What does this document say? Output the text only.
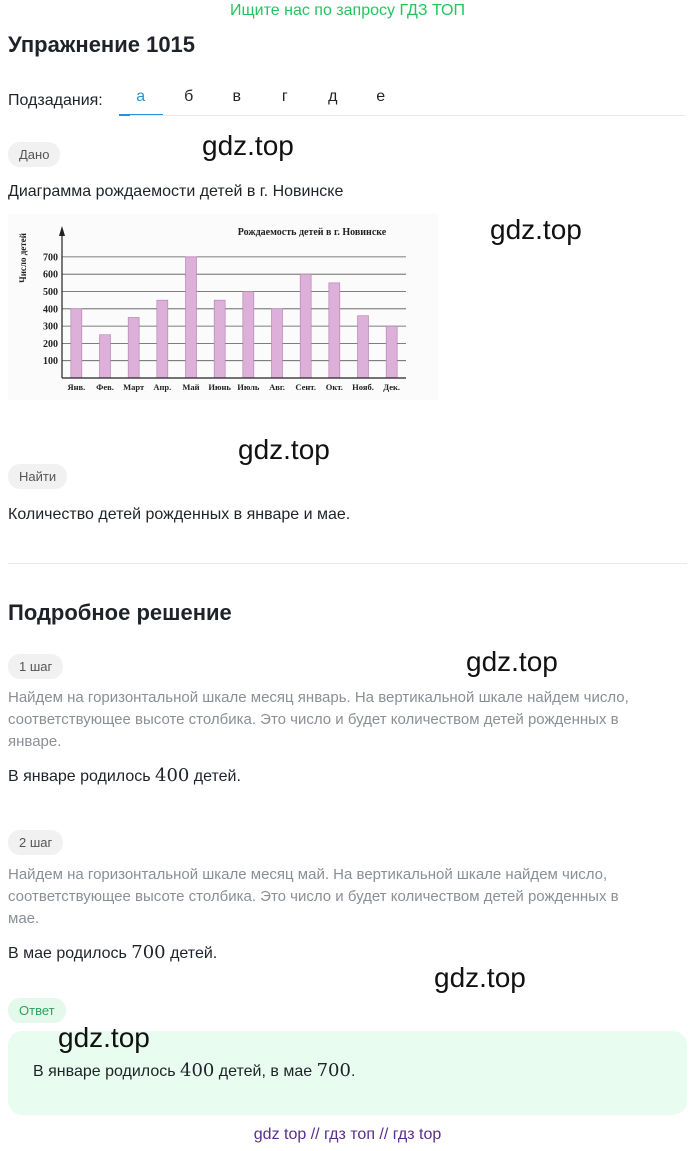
Ищите нас по запросу ГДЗ ТОП
Упражнение 1015
Подзадания:	а	б	в	г	д	е
Дано	gdz.top
Диаграмма рождаемости детей в г. Новинске
gdz.top
100
200
300
400
500
600
700
Янв. Фев. Март Апр. Май Июнь Июль Авг. Сент. Окт. Нояб. Дек.
Рождаемость детей в г. Новинске
Число детей
gdz.top
Найти
Количество детей рожденных в январе и мае.
Подробное решение
1 шаг	gdz.top
Найдем на горизонтальной шкале месяц январь. На вертикальной шкале найдем число,
соответствующее высоте столбика. Это число и будет количеством детей рожденных в
январе.
В январе родилось 400 детей.
2 шаг
Найдем на горизонтальной шкале месяц май. На вертикальной шкале найдем число,
соответствующее высоте столбика. Это число и будет количеством детей рожденных в
мае.
В мае родилось 700 детей.
gdz.top
Ответ
gdz.top
В январе родилось 400 детей, в мае 700.
gdz top // гдз топ // гдз top
